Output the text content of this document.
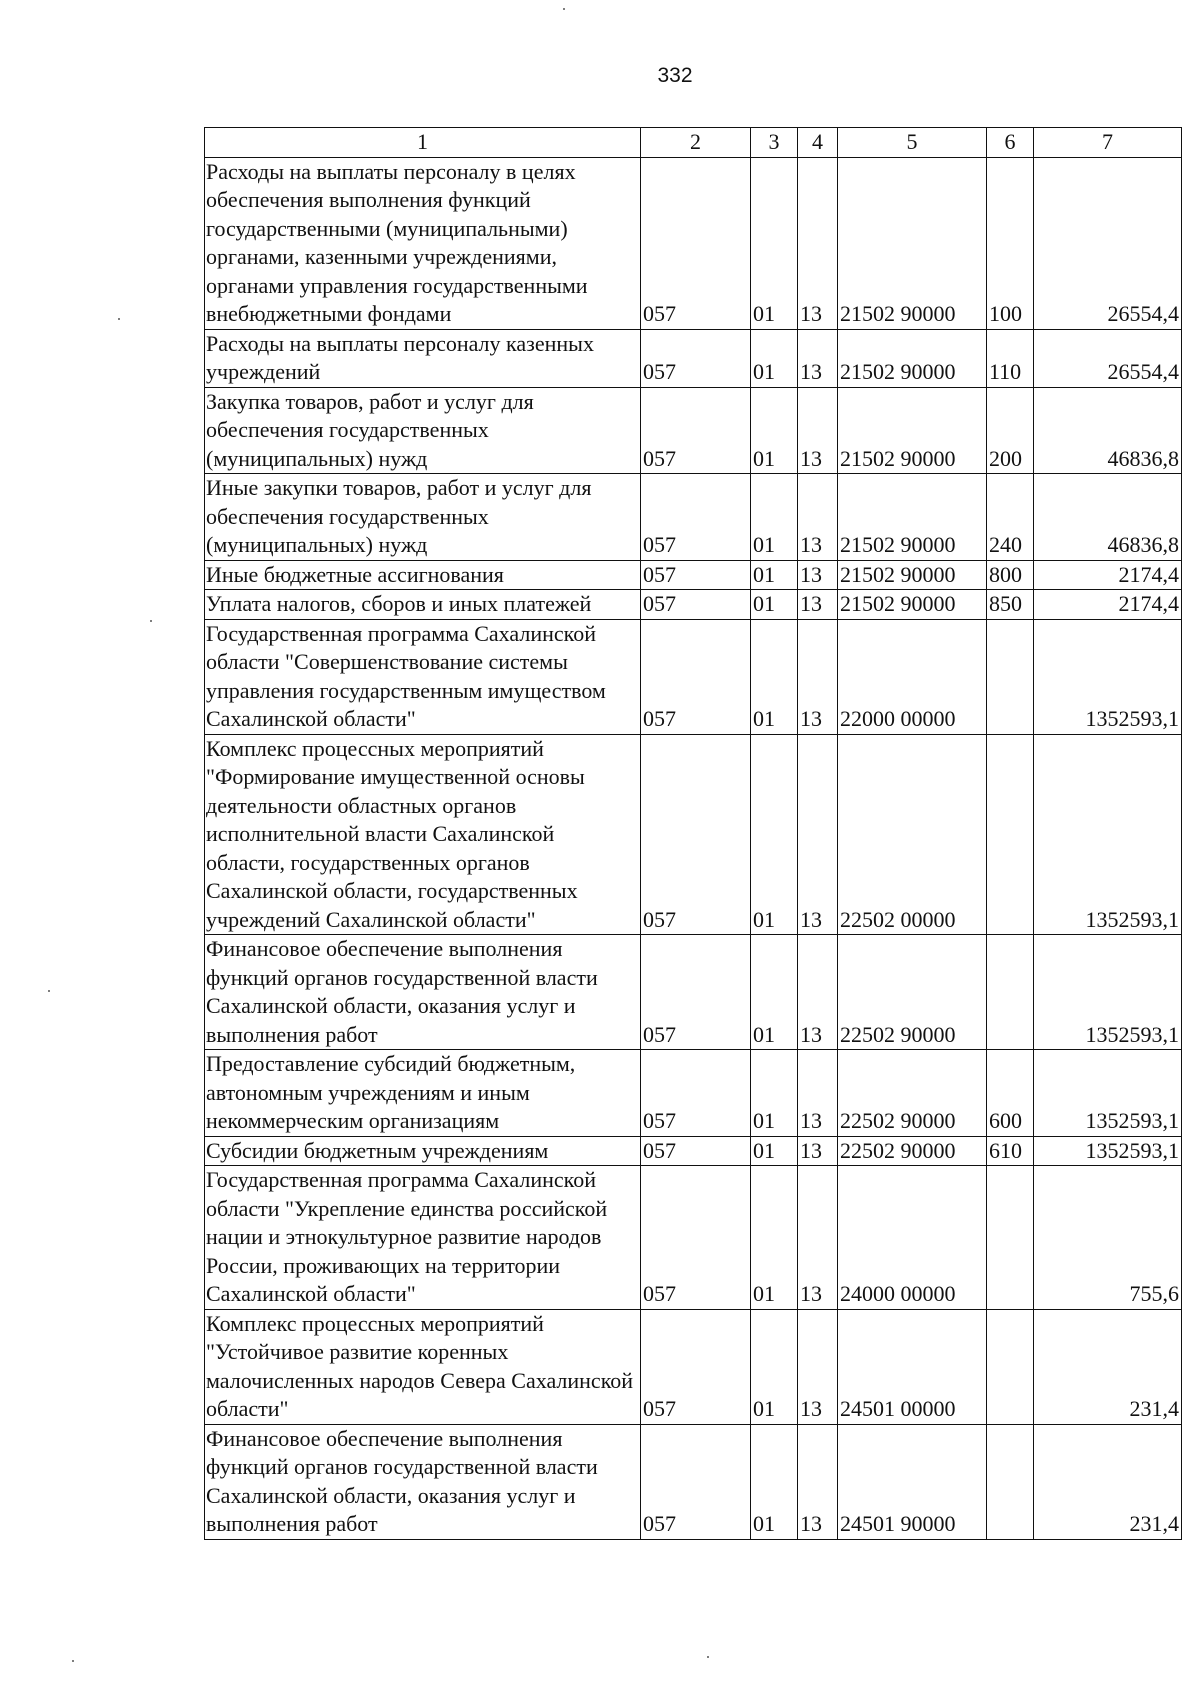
332
1	2	3	4	5	6	7
Расходы на выплаты персоналу в целях обеспечения выполнения функций государственными (муниципальными) органами, казенными учреждениями, органами управления государственными внебюджетными фондами	057	01	13	21502 90000	100	26554,4
Расходы на выплаты персоналу казенных учреждений	057	01	13	21502 90000	110	26554,4
Закупка товаров, работ и услуг для обеспечения государственных (муниципальных) нужд	057	01	13	21502 90000	200	46836,8
Иные закупки товаров, работ и услуг для обеспечения государственных (муниципальных) нужд	057	01	13	21502 90000	240	46836,8
Иные бюджетные ассигнования	057	01	13	21502 90000	800	2174,4
Уплата налогов, сборов и иных платежей	057	01	13	21502 90000	850	2174,4
Государственная программа Сахалинской области "Совершенствование системы управления государственным имуществом Сахалинской области"	057	01	13	22000 00000		1352593,1
Комплекс процессных мероприятий "Формирование имущественной основы деятельности областных органов исполнительной власти Сахалинской области, государственных органов Сахалинской области, государственных учреждений Сахалинской области"	057	01	13	22502 00000		1352593,1
Финансовое обеспечение выполнения функций органов государственной власти Сахалинской области, оказания услуг и выполнения работ	057	01	13	22502 90000		1352593,1
Предоставление субсидий бюджетным, автономным учреждениям и иным некоммерческим организациям	057	01	13	22502 90000	600	1352593,1
Субсидии бюджетным учреждениям	057	01	13	22502 90000	610	1352593,1
Государственная программа Сахалинской области "Укрепление единства российской нации и этнокультурное развитие народов России, проживающих на территории Сахалинской области"	057	01	13	24000 00000		755,6
Комплекс процессных мероприятий "Устойчивое развитие коренных малочисленных народов Севера Сахалинской области"	057	01	13	24501 00000		231,4
Финансовое обеспечение выполнения функций органов государственной власти Сахалинской области, оказания услуг и выполнения работ	057	01	13	24501 90000		231,4
